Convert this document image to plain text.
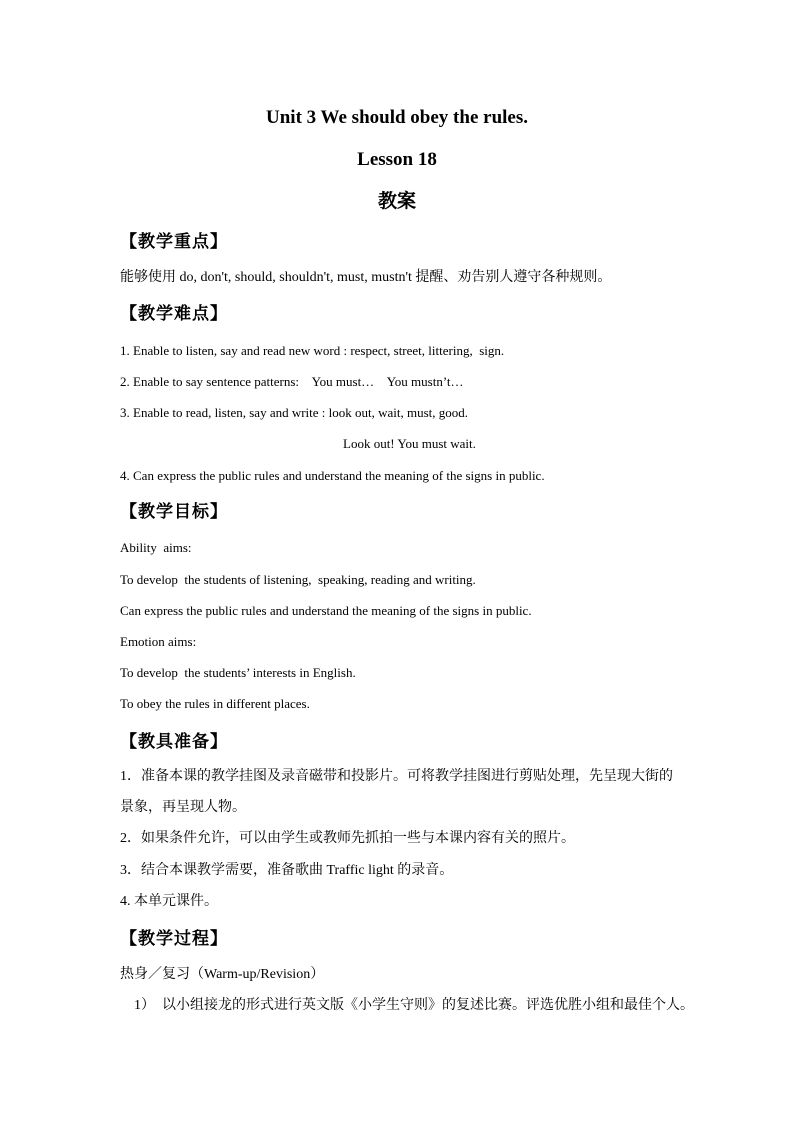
Unit 3 We should obey the rules.
Lesson 18
教案
【教学重点】
能够使用 do, don't, should, shouldn't, must, mustn't 提醒、劝告别人遵守各种规则。
【教学难点】
1. Enable to listen, say and read new word : respect, street, littering,  sign.
2. Enable to say sentence patterns:    You must…    You mustn’t…
3. Enable to read, listen, say and write : look out, wait, must, good.
Look out! You must wait.
4. Can express the public rules and understand the meaning of the signs in public.
【教学目标】
Ability  aims:
To develop  the students of listening,  speaking, reading and writing.
Can express the public rules and understand the meaning of the signs in public.
Emotion aims:
To develop  the students’ interests in English.
To obey the rules in different places.
【教具准备】
1．准备本课的教学挂图及录音磁带和投影片。可将教学挂图进行剪贴处理，先呈现大街的
景象，再呈现人物。
2．如果条件允许，可以由学生或教师先抓拍一些与本课内容有关的照片。
3．结合本课教学需要，准备歌曲 Traffic light 的录音。
4. 本单元课件。
【教学过程】
热身／复习（Warm-up/Revision）
1）  以小组接龙的形式进行英文版《小学生守则》的复述比赛。评选优胜小组和最佳个人。
